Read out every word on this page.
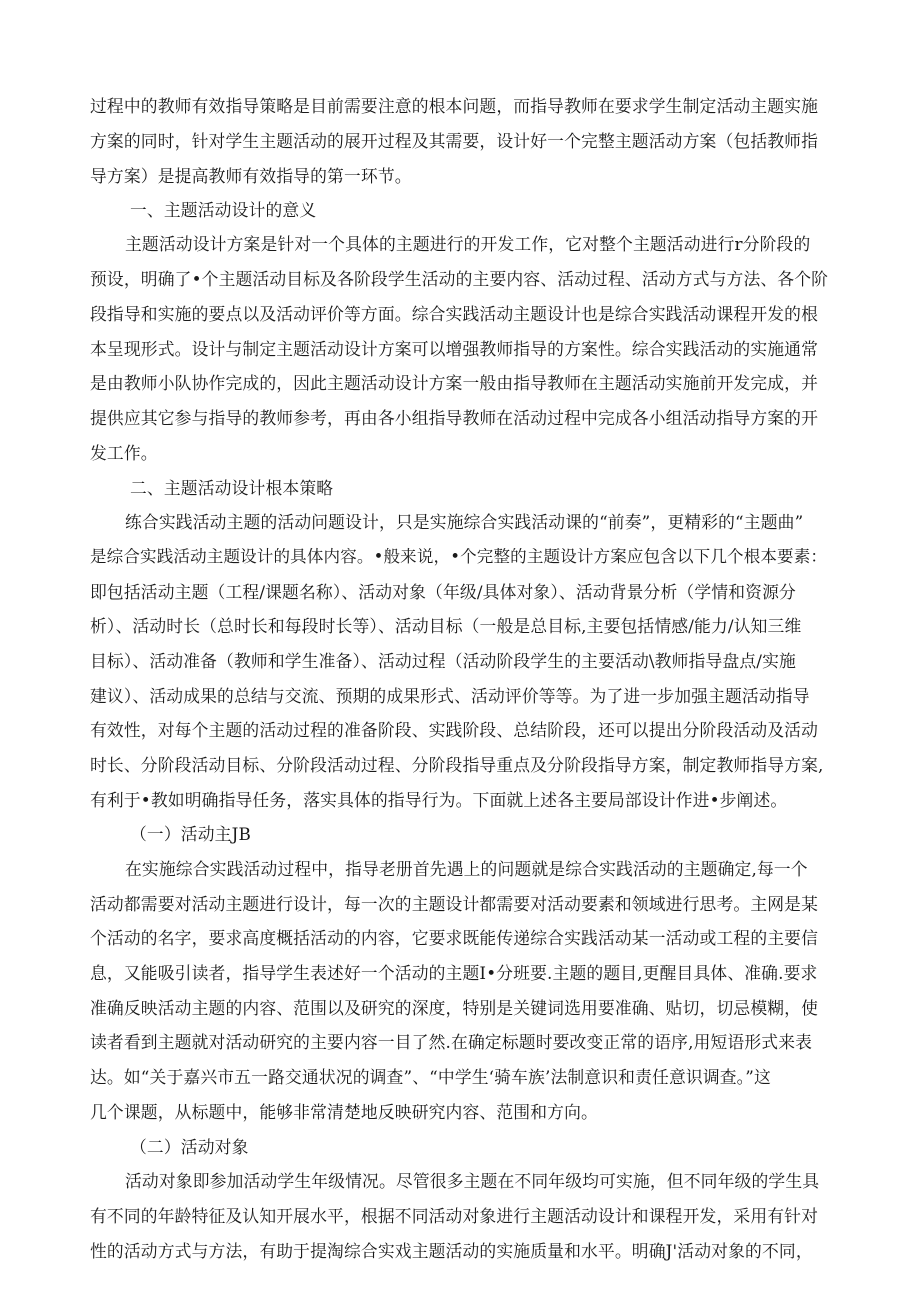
过程中的教师有效指导策略是目前需要注意的根本问题，而指导教师在要求学生制定活动主题实施
方案的同时，针对学生主题活动的展开过程及其需要，设计好一个完整主题活动方案（包括教师指
导方案）是提高教师有效指导的第一环节。
一、主题活动设计的意义
主题活动设计方案是针对一个具体的主题进行的开发工作，它对整个主题活动进行r分阶段的
预设，明确了•个主题活动目标及各阶段学生活动的主要内容、活动过程、活动方式与方法、各个阶
段指导和实施的要点以及活动评价等方面。综合实践活动主题设计也是综合实践活动课程开发的根
本呈现形式。设计与制定主题活动设计方案可以增强教师指导的方案性。综合实践活动的实施通常
是由教师小队协作完成的，因此主题活动设计方案一般由指导教师在主题活动实施前开发完成，并
提供应其它参与指导的教师参考，再由各小组指导教师在活动过程中完成各小组活动指导方案的开
发工作。
二、主题活动设计根本策略
练合实践活动主题的活动问题设计，只是实施综合实践活动课的“前奏”，更精彩的“主题曲”
是综合实践活动主题设计的具体内容。•般来说，•个完整的主题设计方案应包含以下几个根本要素：
即包括活动主题（工程/课题名称）、活动对象（年级/具体对象）、活动背景分析（学情和资源分
析）、活动时长（总时长和每段时长等）、活动目标（一般是总目标,主要包括情感/能力/认知三维
目标）、活动准备（教师和学生准备）、活动过程（活动阶段学生的主要活动\教师指导盘点/实施
建议）、活动成果的总结与交流、预期的成果形式、活动评价等等。为了进一步加强主题活动指导
有效性，对每个主题的活动过程的准备阶段、实践阶段、总结阶段，还可以提出分阶段活动及活动
时长、分阶段活动目标、分阶段活动过程、分阶段指导重点及分阶段指导方案，制定教师指导方案,
有利于•教如明确指导任务，落实具体的指导行为。下面就上述各主要局部设计作进•步阐述。
（一）活动主JB
在实施综合实践活动过程中，指导老册首先遇上的问题就是综合实践活动的主题确定,每一个
活动都需要对活动主题进行设计，每一次的主题设计都需要对活动要素和领域进行思考。主网是某
个活动的名字，要求高度概括活动的内容，它要求既能传递综合实践活动某一活动或工程的主要信
息，又能吸引读者，指导学生表述好一个活动的主题I•分班要.主题的题目,更醒目具体、准确.要求
准确反映活动主题的内容、范围以及研究的深度，特别是关键词选用要准确、贴切，切忌模糊，使
读者看到主题就对活动研究的主要内容一目了然.在确定标题时要改变正常的语序,用短语形式来表
达。如“关于嘉兴市五一路交通状况的调查”、“中学生‘骑车族’法制意识和责任意识调查。”这
几个课题，从标题中，能够非常清楚地反映研究内容、范围和方向。
（二）活动对象
活动对象即参加活动学生年级情况。尽管很多主题在不同年级均可实施，但不同年级的学生具
有不同的年龄特征及认知开展水平，根据不同活动对象进行主题活动设计和课程开发，采用有针对
性的活动方式与方法，有助于提淘综合实戏主题活动的实施质量和水平。明确J'活动对象的不同，
